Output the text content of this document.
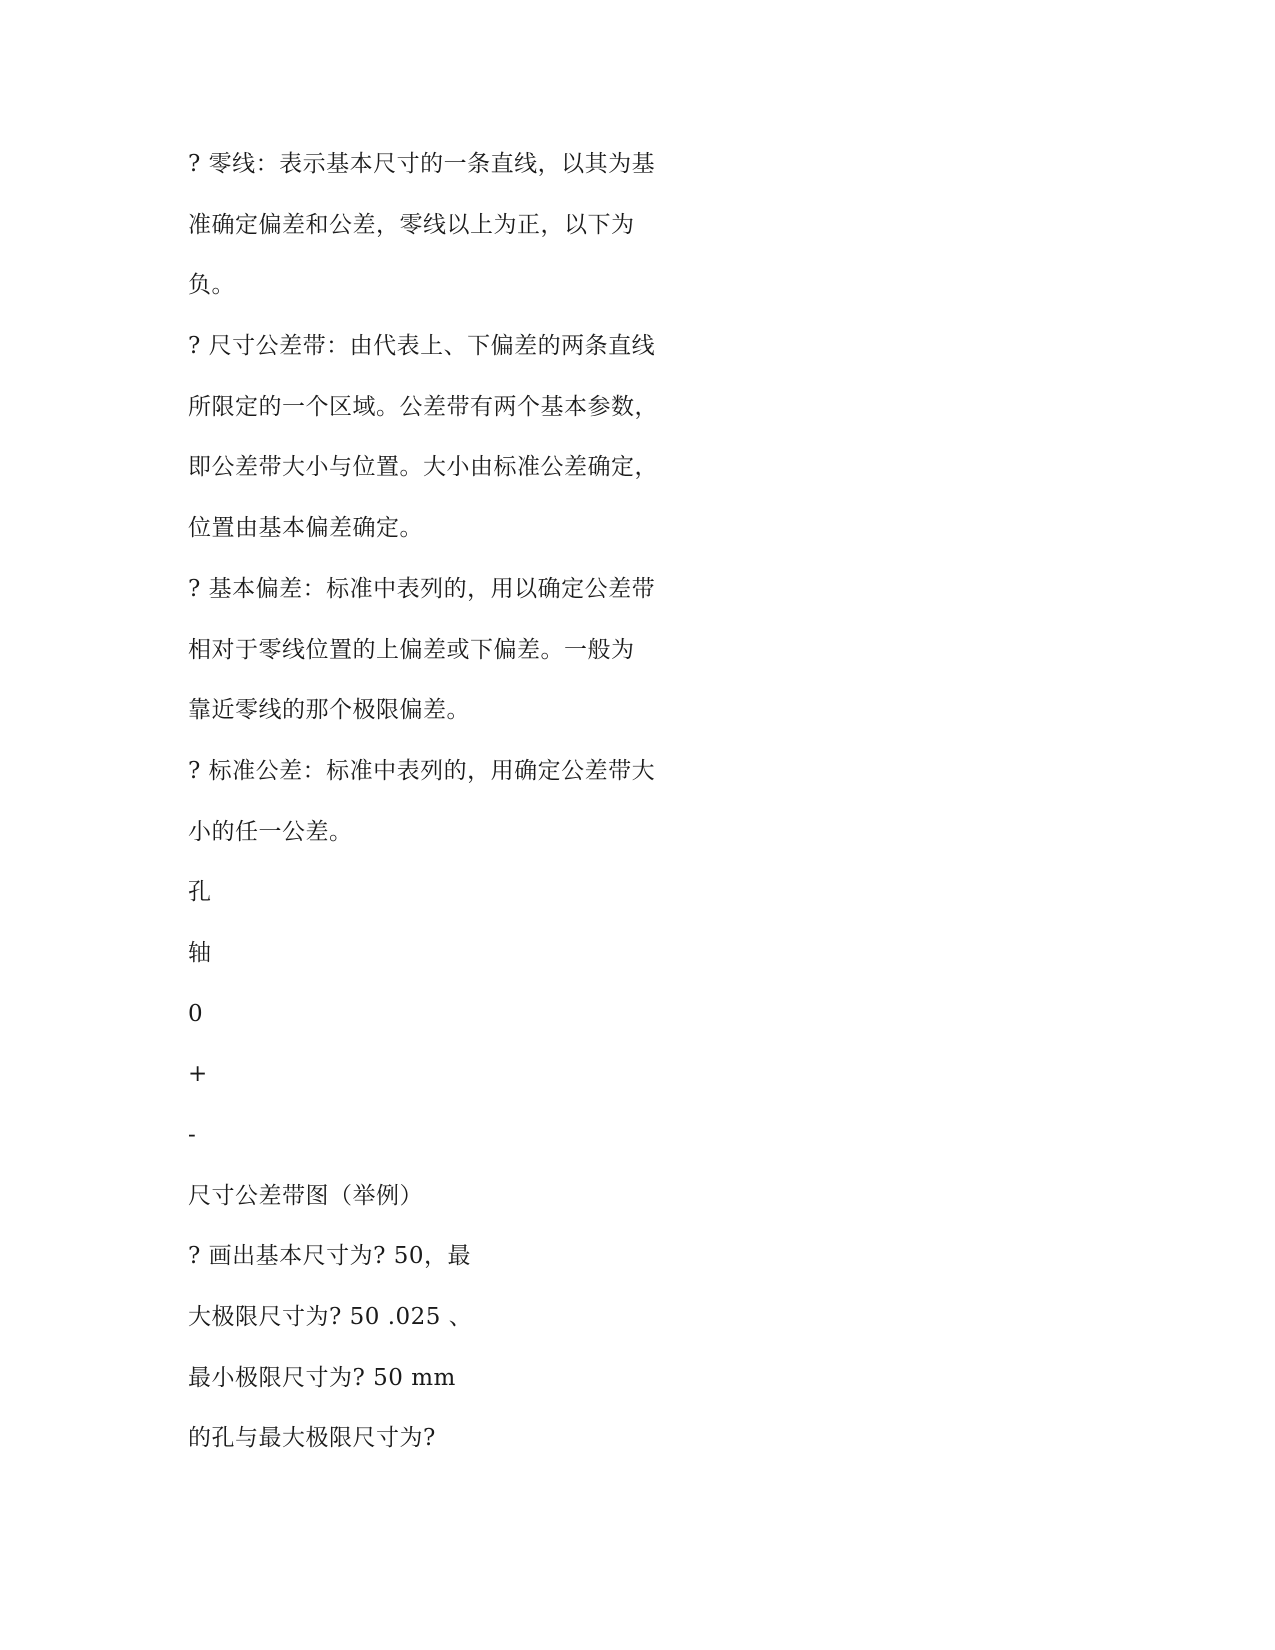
? 零线：表示基本尺寸的一条直线，以其为基
准确定偏差和公差，零线以上为正，以下为
负。
? 尺寸公差带：由代表上、下偏差的两条直线
所限定的一个区域。公差带有两个基本参数，
即公差带大小与位置。大小由标准公差确定，
位置由基本偏差确定。
? 基本偏差：标准中表列的，用以确定公差带
相对于零线位置的上偏差或下偏差。一般为
靠近零线的那个极限偏差。
? 标准公差：标准中表列的，用确定公差带大
小的任一公差。
孔
轴
0
+
-
尺寸公差带图（举例）
? 画出基本尺寸为? 50，最
大极限尺寸为? 50 .025 、
最小极限尺寸为? 50 mm
的孔与最大极限尺寸为?
